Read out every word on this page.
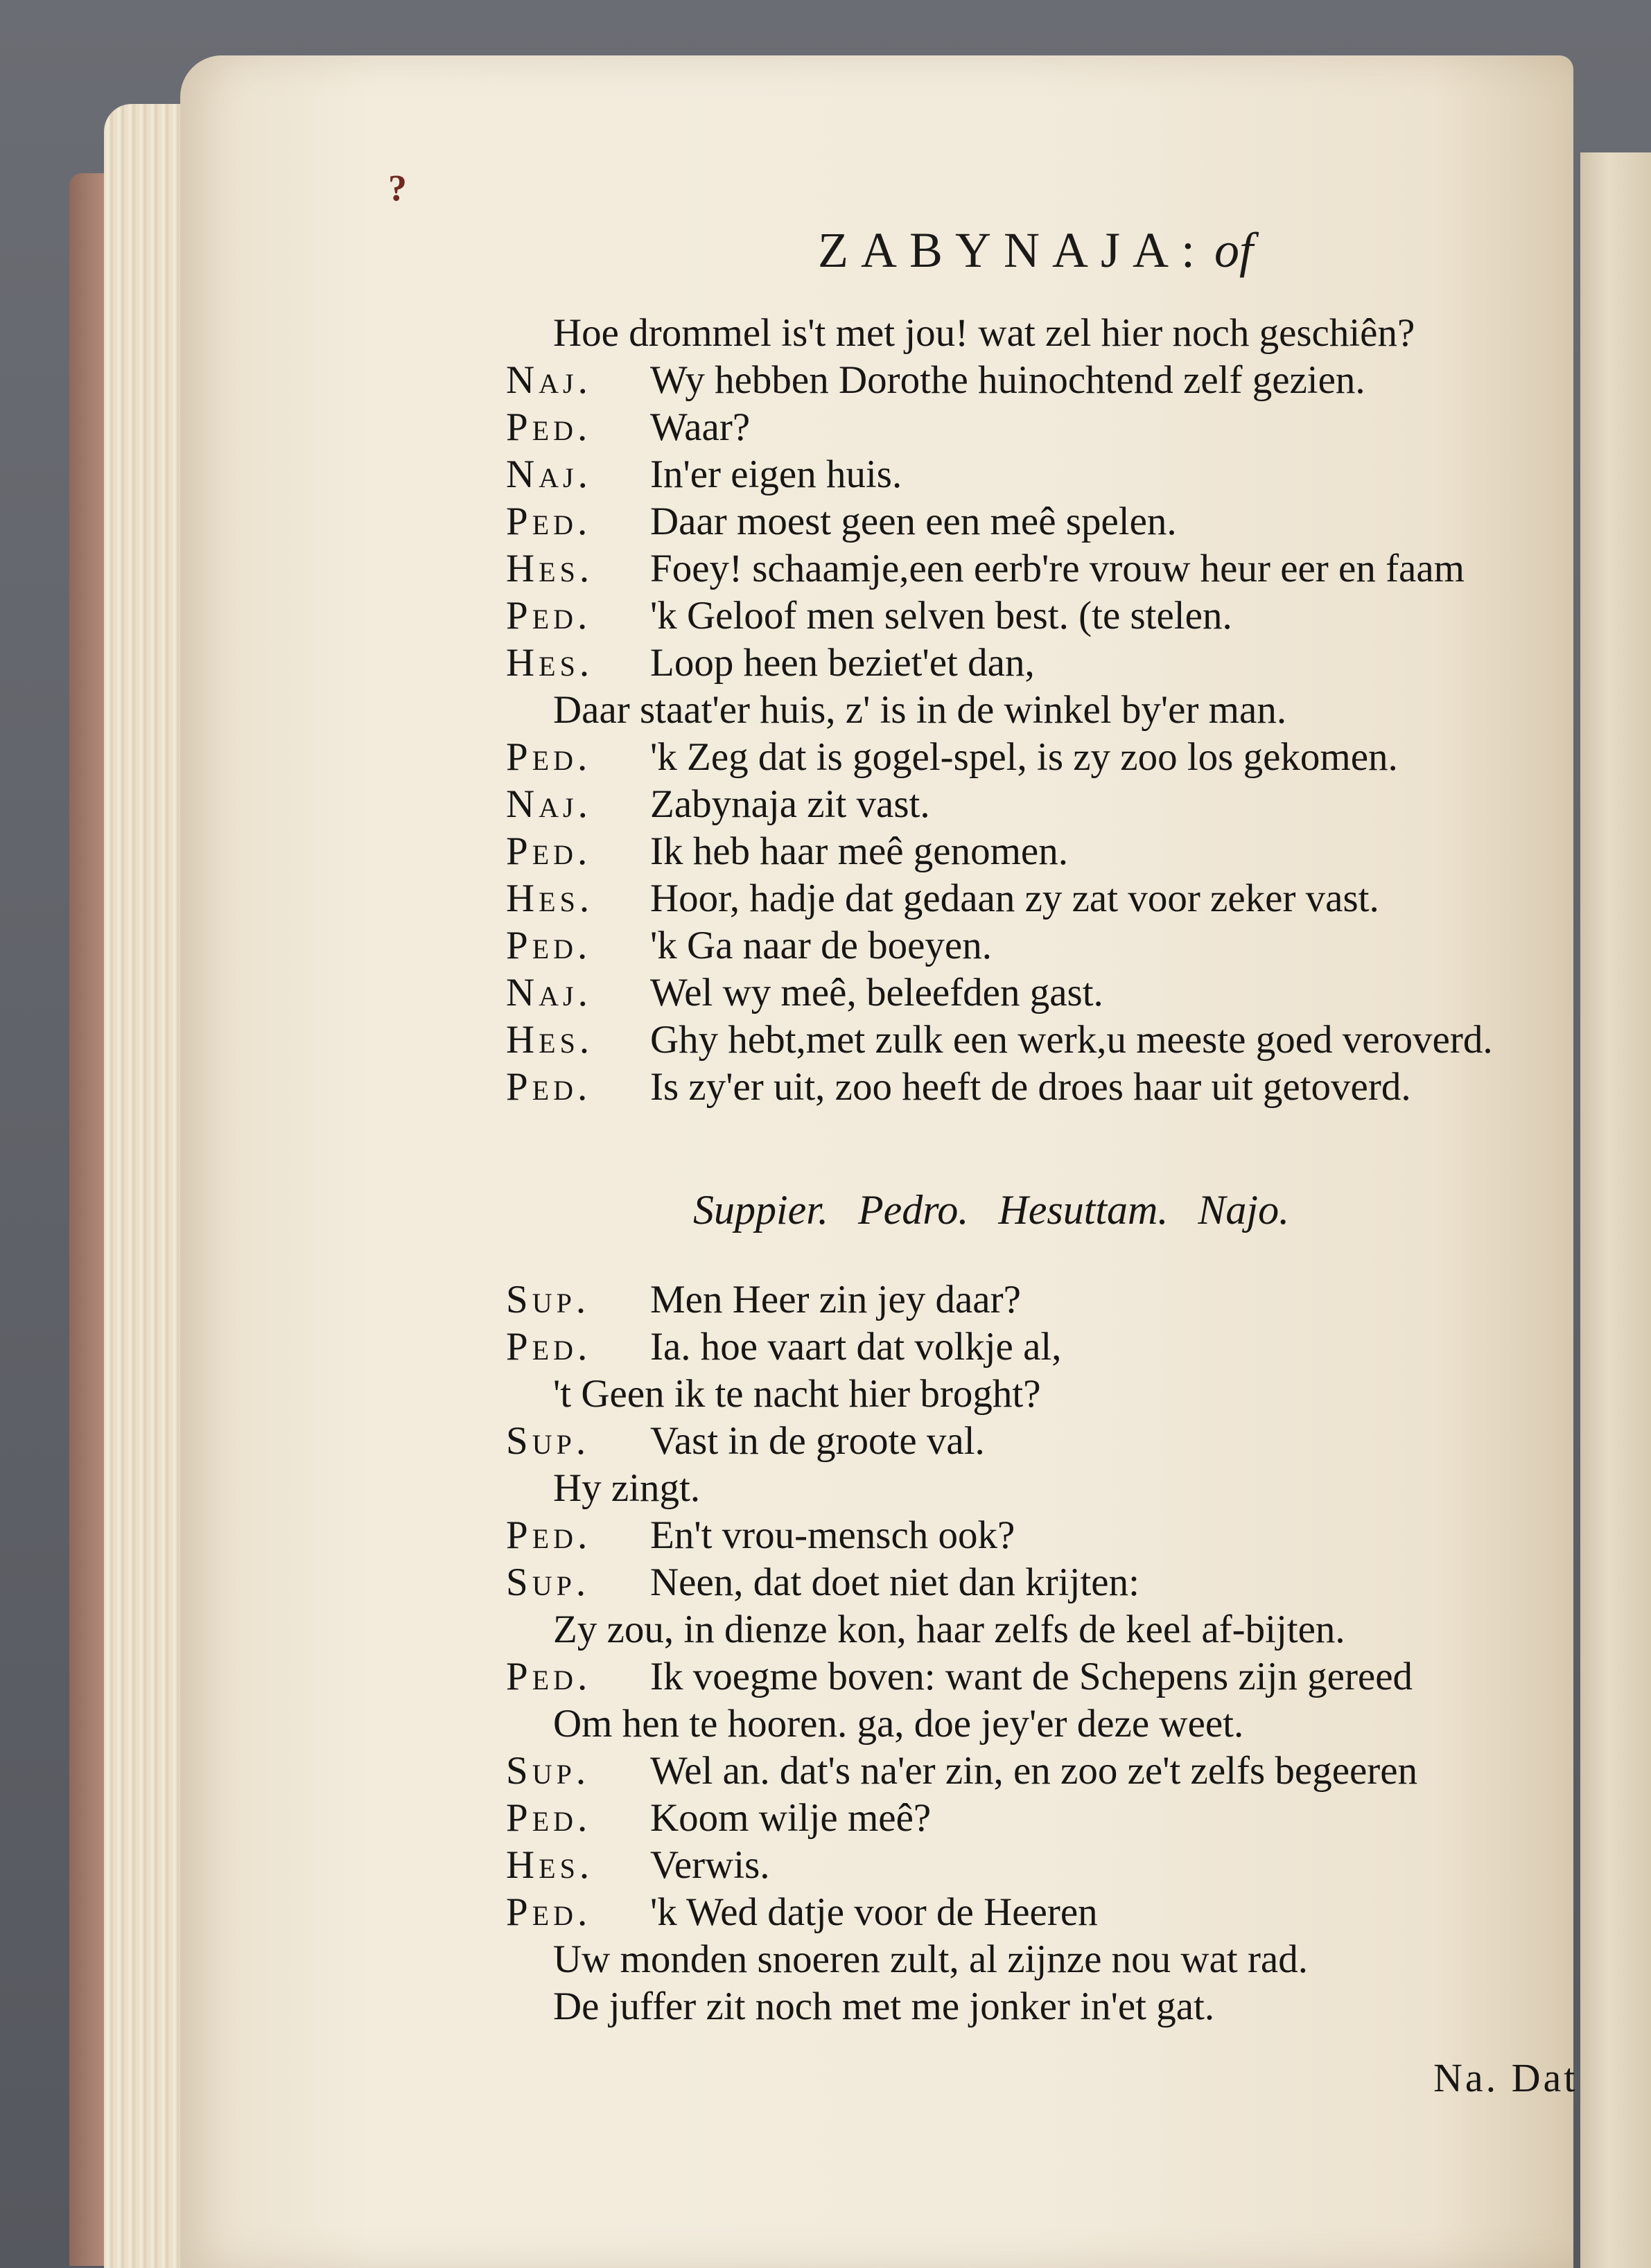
?
ZABYNAJA: of
Hoe drommel is't met jou! wat zel hier noch geschiên?
Naj. Wy hebben Dorothe huinochtend zelf gezien.
Ped. Waar?
Naj. In'er eigen huis.
Ped. Daar moest geen een meê spelen.
Hes. Foey! schaamje,een eerb're vrouw heur eer en faam
Ped. 'k Geloof men selven best. (te stelen.
Hes. Loop heen beziet'et dan,
Daar staat'er huis, z' is in de winkel by'er man.
Ped. 'k Zeg dat is gogel-spel, is zy zoo los gekomen.
Naj. Zabynaja zit vast.
Ped. Ik heb haar meê genomen.
Hes. Hoor, hadje dat gedaan zy zat voor zeker vast.
Ped. 'k Ga naar de boeyen.
Naj. Wel wy meê, beleefden gast.
Hes. Ghy hebt,met zulk een werk,u meeste goed veroverd.
Ped. Is zy'er uit, zoo heeft de droes haar uit getoverd.
Suppier. Pedro. Hesuttam. Najo.
Sup. Men Heer zin jey daar?
Ped. Ia. hoe vaart dat volkje al,
't Geen ik te nacht hier broght?
Sup. Vast in de groote val.
Hy zingt.
Ped. En't vrou-mensch ook?
Sup. Neen, dat doet niet dan krijten:
Zy zou, in dienze kon, haar zelfs de keel af-bijten.
Ped. Ik voegme boven: want de Schepens zijn gereed
Om hen te hooren. ga, doe jey'er deze weet.
Sup. Wel an. dat's na'er zin, en zoo ze't zelfs begeeren
Ped. Koom wilje meê?
Hes. Verwis.
Ped. 'k Wed datje voor de Heeren
Uw monden snoeren zult, al zijnze nou wat rad.
De juffer zit noch met me jonker in'et gat.
Na. Dat
